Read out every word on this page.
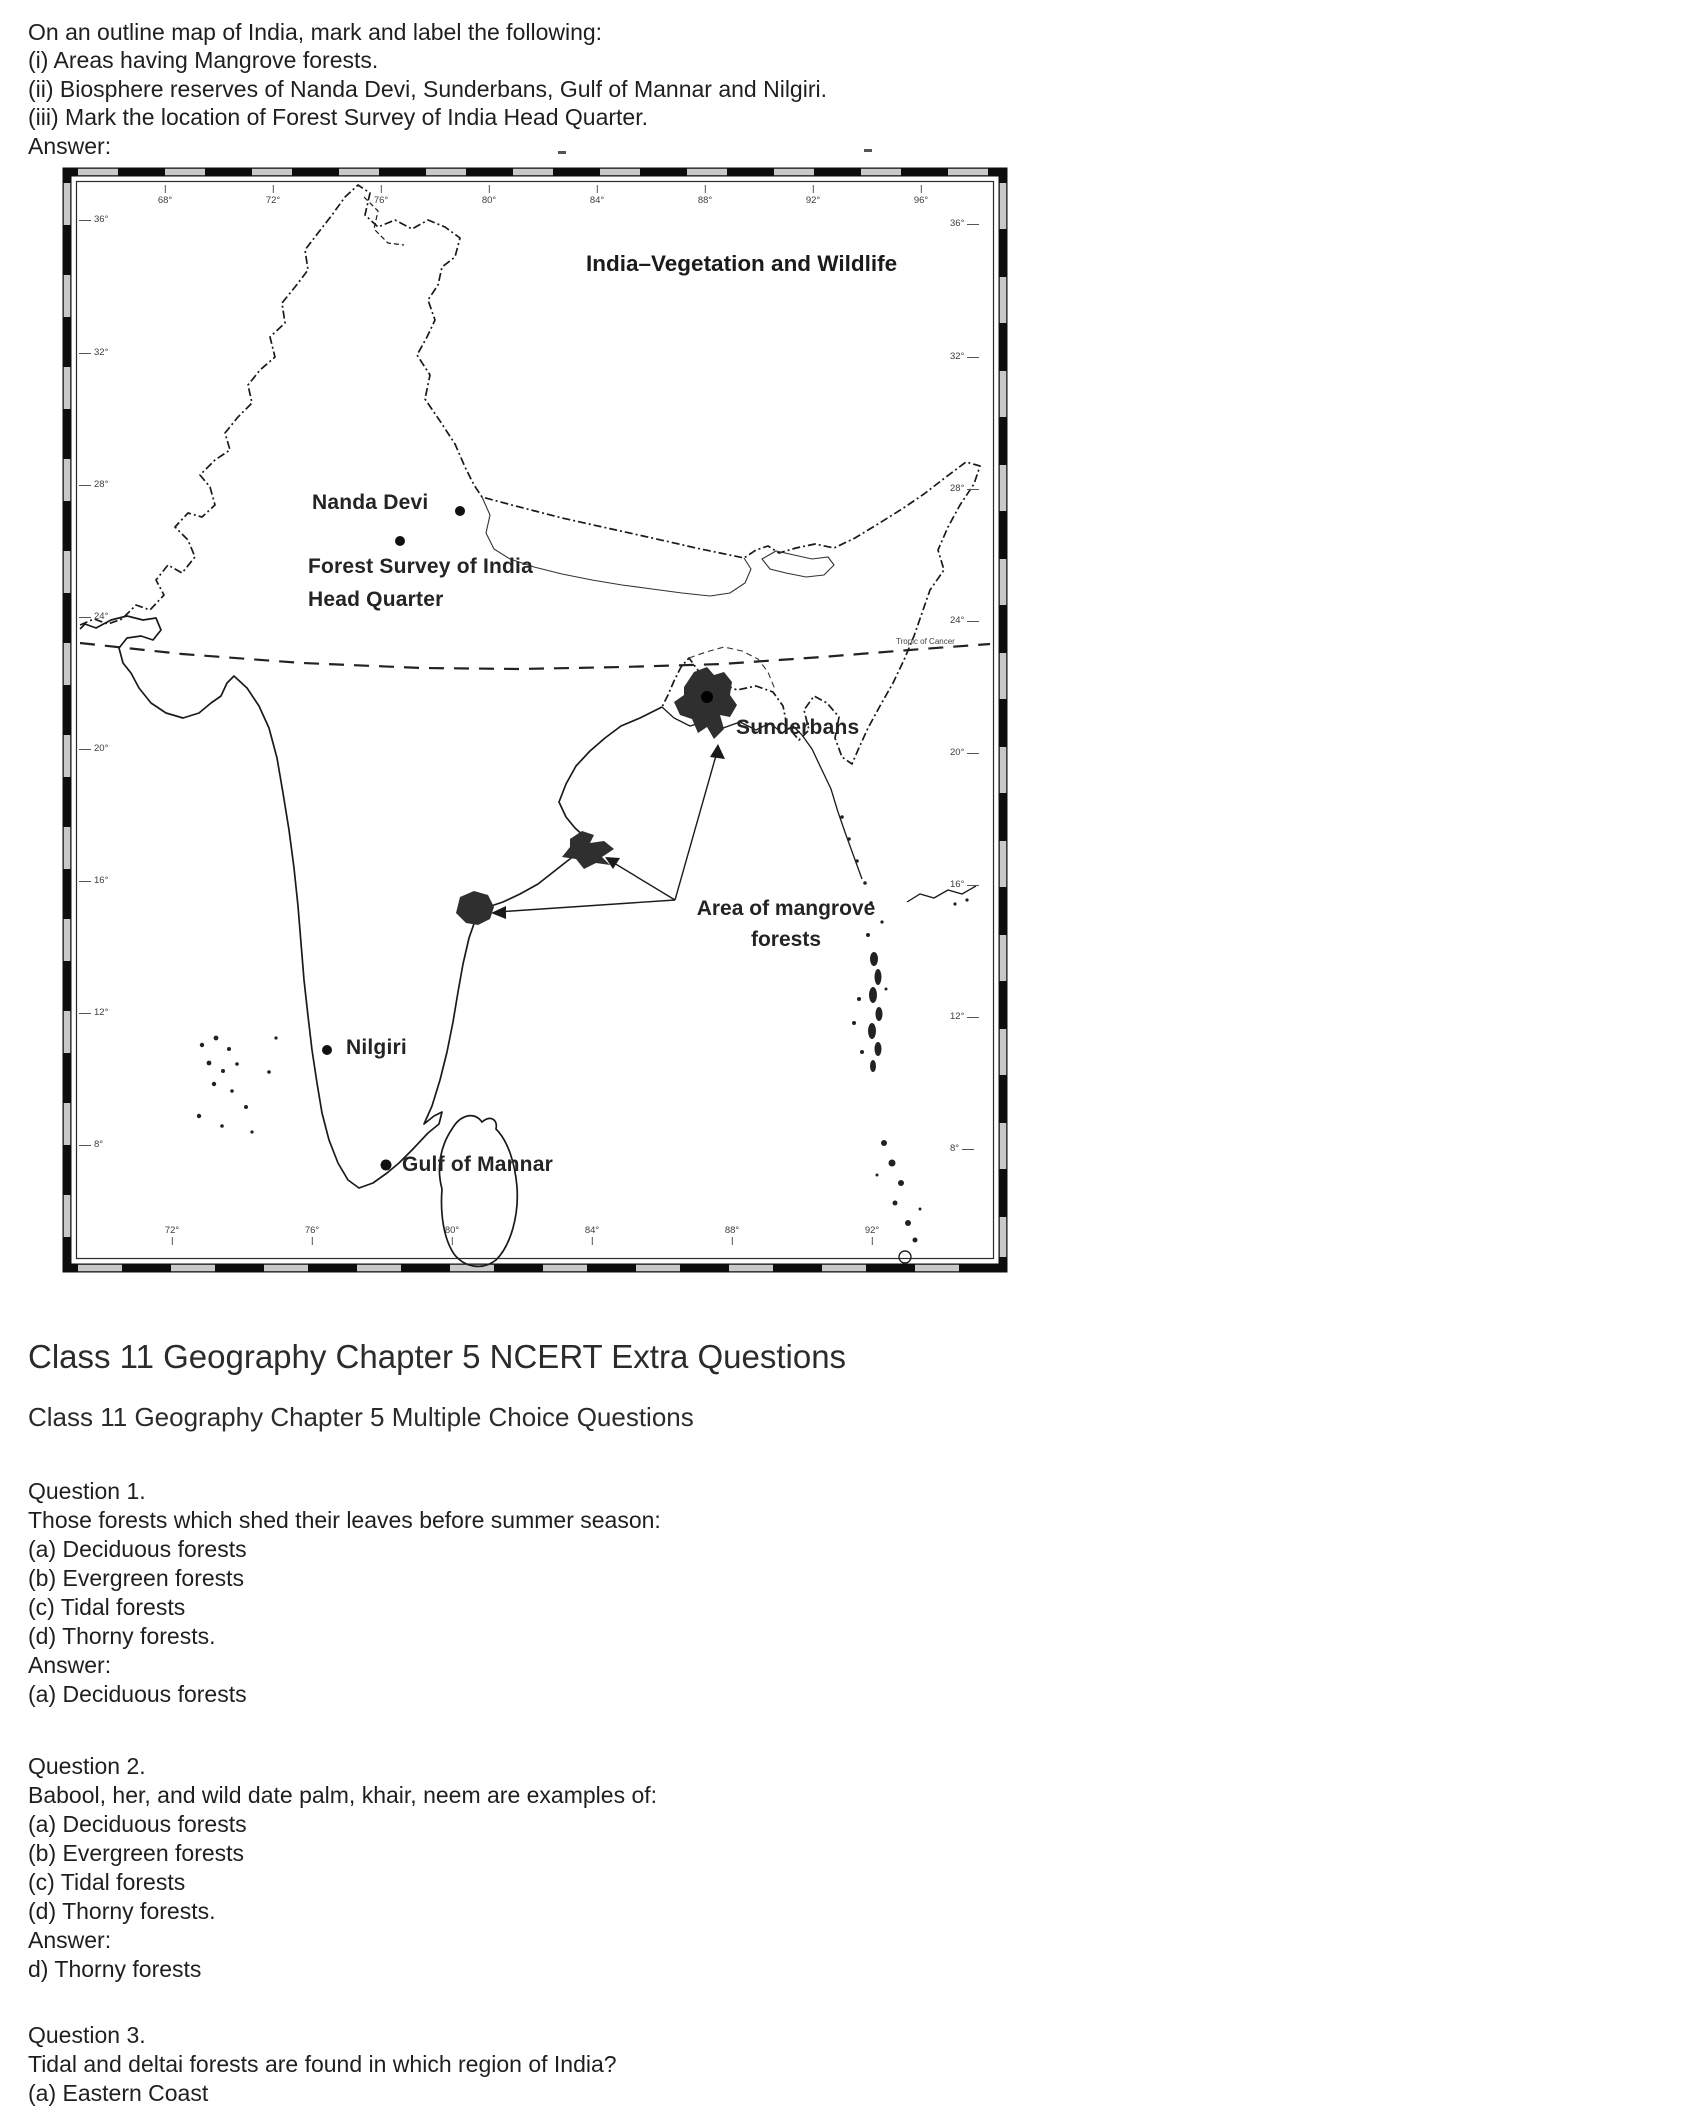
On an outline map of India, mark and label the following:
(i) Areas having Mangrove forests.
(ii) Biosphere reserves of Nanda Devi, Sunderbans, Gulf of Mannar and Nilgiri.
(iii) Mark the location of Forest Survey of India Head Quarter.
Answer:
India–Vegetation and Wildlife
Nanda Devi
Forest Survey of India
Head Quarter
Sunderbans
Area of mangrove
forests
Nilgiri
Gulf of Mannar
Tropic of Cancer
68°	72°	76°	80°	84°	88°	92°	96°
72°	76°	80°	84°	88°	92°
36°
32°
28°
24°
20°
16°
12°
8°
36°
32°
28°
24°
20°
16°
12°
8°
Class 11 Geography Chapter 5 NCERT Extra Questions
Class 11 Geography Chapter 5 Multiple Choice Questions
Question 1.
Those forests which shed their leaves before summer season:
(a) Deciduous forests
(b) Evergreen forests
(c) Tidal forests
(d) Thorny forests.
Answer:
(a) Deciduous forests
Question 2.
Babool, her, and wild date palm, khair, neem are examples of:
(a) Deciduous forests
(b) Evergreen forests
(c) Tidal forests
(d) Thorny forests.
Answer:
d) Thorny forests
Question 3.
Tidal and deltai forests are found in which region of India?
(a) Eastern Coast
